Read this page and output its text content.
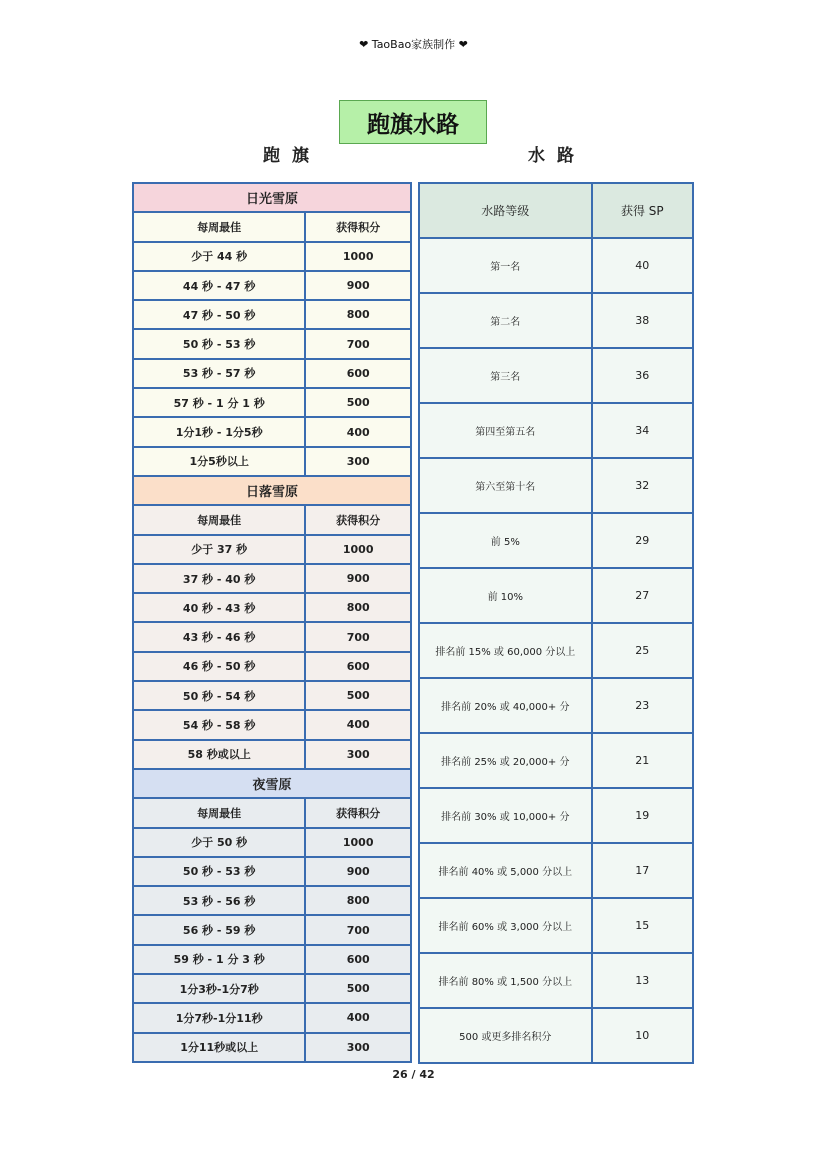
❤ TaoBao家族制作 ❤
跑旗水路
跑旗	水路
日光雪原	
每周最佳	获得积分
少于 44 秒	1000
44 秒 - 47 秒	900
47 秒 - 50 秒	800
50 秒 - 53 秒	700
53 秒 - 57 秒	600
57 秒 - 1 分 1 秒	500
1分1秒 - 1分5秒	400
1分5秒以上	300
日落雪原	
每周最佳	获得积分
少于 37 秒	1000
37 秒 - 40 秒	900
40 秒 - 43 秒	800
43 秒 - 46 秒	700
46 秒 - 50 秒	600
50 秒 - 54 秒	500
54 秒 - 58 秒	400
58 秒或以上	300
夜雪原	
每周最佳	获得积分
少于 50 秒	1000
50 秒 - 53 秒	900
53 秒 - 56 秒	800
56 秒 - 59 秒	700
59 秒 - 1 分 3 秒	600
1分3秒-1分7秒	500
1分7秒-1分11秒	400
1分11秒或以上	300
水路等级	获得 SP
第一名	40
第二名	38
第三名	36
第四至第五名	34
第六至第十名	32
前 5%	29
前 10%	27
排名前 15% 或 60,000 分以上	25
排名前 20% 或 40,000+ 分	23
排名前 25% 或 20,000+ 分	21
排名前 30% 或 10,000+ 分	19
排名前 40% 或 5,000 分以上	17
排名前 60% 或 3,000 分以上	15
排名前 80% 或 1,500 分以上	13
500 或更多排名积分	10
26 / 42
